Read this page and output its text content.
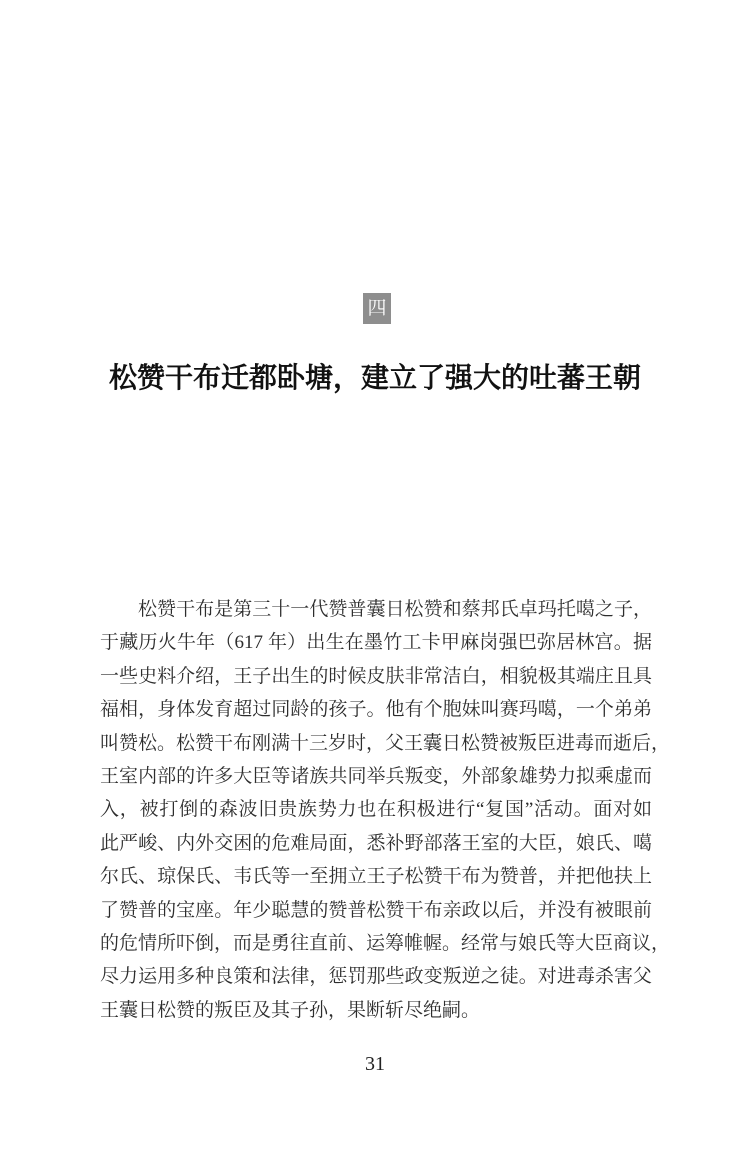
四
松赞干布迁都卧塘，建立了强大的吐蕃王朝
松赞干布是第三十一代赞普囊日松赞和蔡邦氏卓玛托噶之子，
于藏历火牛年（617 年）出生在墨竹工卡甲麻岗强巴弥居林宫。据
一些史料介绍，王子出生的时候皮肤非常洁白，相貌极其端庄且具
福相，身体发育超过同龄的孩子。他有个胞妹叫赛玛噶，一个弟弟
叫赞松。松赞干布刚满十三岁时，父王囊日松赞被叛臣进毒而逝后，
王室内部的许多大臣等诸族共同举兵叛变，外部象雄势力拟乘虚而
入，被打倒的森波旧贵族势力也在积极进行“复国”活动。面对如
此严峻、内外交困的危难局面，悉补野部落王室的大臣，娘氏、噶
尔氏、琼保氏、韦氏等一至拥立王子松赞干布为赞普，并把他扶上
了赞普的宝座。年少聪慧的赞普松赞干布亲政以后，并没有被眼前
的危情所吓倒，而是勇往直前、运筹帷幄。经常与娘氏等大臣商议，
尽力运用多种良策和法律，惩罚那些政变叛逆之徒。对进毒杀害父
王囊日松赞的叛臣及其子孙，果断斩尽绝嗣。
31
